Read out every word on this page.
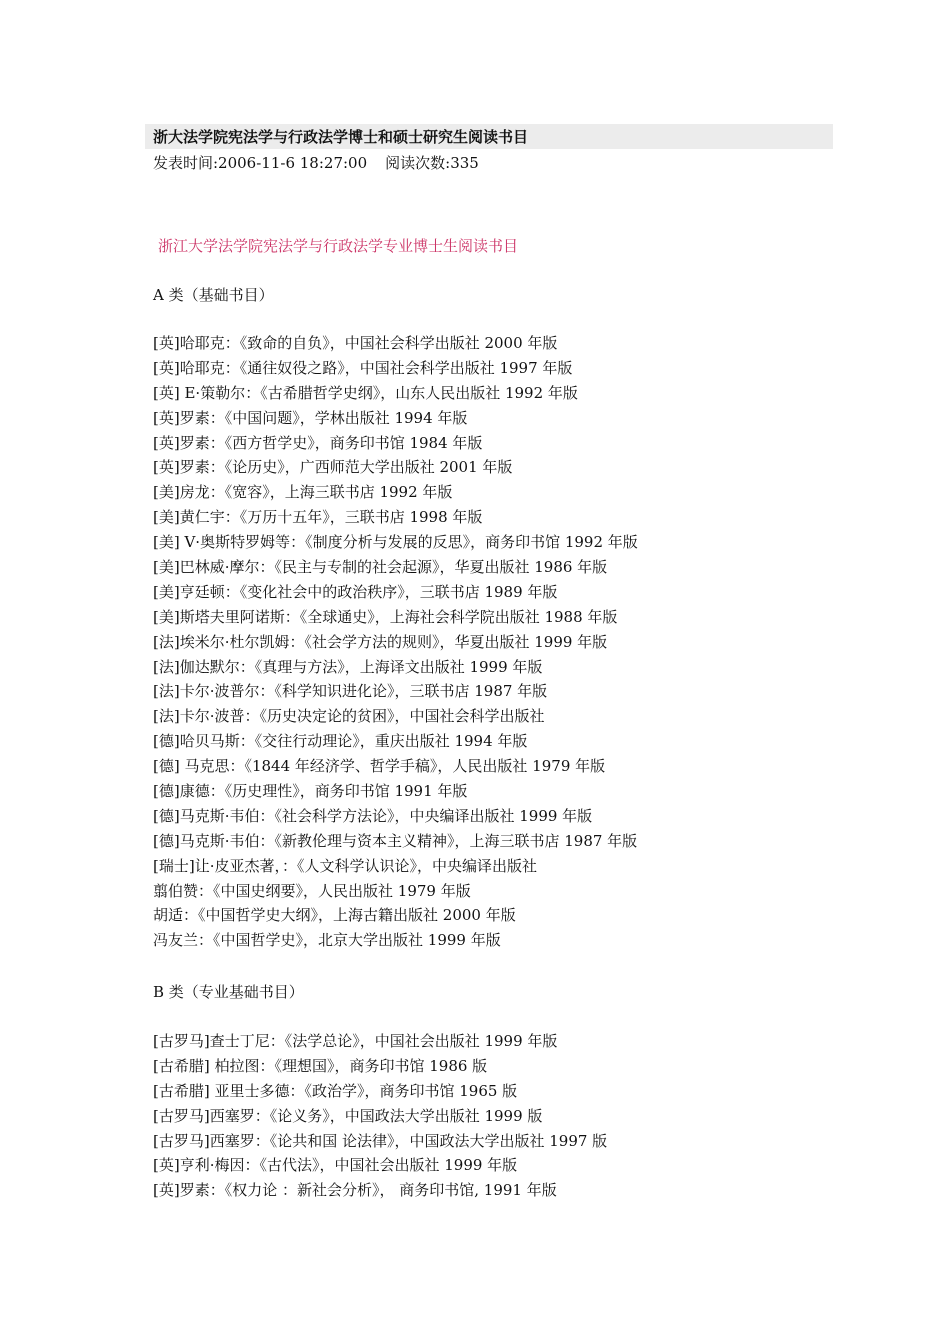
浙大法学院宪法学与行政法学博士和硕士研究生阅读书目
发表时间:2006-11-6 18:27:00 阅读次数:335
浙江大学法学院宪法学与行政法学专业博士生阅读书目
A 类（基础书目）
[英]哈耶克：《致命的自负》，中国社会科学出版社 2000 年版
[英]哈耶克：《通往奴役之路》，中国社会科学出版社 1997 年版
[英] E·策勒尔：《古希腊哲学史纲》，山东人民出版社 1992 年版
[英]罗素：《中国问题》，学林出版社 1994 年版
[英]罗素：《西方哲学史》，商务印书馆 1984 年版
[英]罗素：《论历史》，广西师范大学出版社 2001 年版
[美]房龙：《宽容》，上海三联书店 1992 年版
[美]黄仁宇：《万历十五年》，三联书店 1998 年版
[美] V·奥斯特罗姆等：《制度分析与发展的反思》，商务印书馆 1992 年版
[美]巴林威·摩尔：《民主与专制的社会起源》，华夏出版社 1986 年版
[美]亨廷顿：《变化社会中的政治秩序》，三联书店 1989 年版
[美]斯塔夫里阿诺斯：《全球通史》，上海社会科学院出版社 1988 年版
[法]埃米尔·杜尔凯姆：《社会学方法的规则》，华夏出版社 1999 年版
[法]伽达默尔：《真理与方法》，上海译文出版社 1999 年版
[法]卡尔·波普尔：《科学知识进化论》，三联书店 1987 年版
[法]卡尔·波普：《历史决定论的贫困》，中国社会科学出版社
[德]哈贝马斯：《交往行动理论》，重庆出版社 1994 年版
[德] 马克思：《1844 年经济学、哲学手稿》，人民出版社 1979 年版
[德]康德：《历史理性》，商务印书馆 1991 年版
[德]马克斯·韦伯：《社会科学方法论》，中央编译出版社 1999 年版
[德]马克斯·韦伯：《新教伦理与资本主义精神》，上海三联书店 1987 年版
[瑞士]让·皮亚杰著，：《人文科学认识论》，中央编译出版社
翦伯赞：《中国史纲要》，人民出版社 1979 年版
胡适：《中国哲学史大纲》，上海古籍出版社 2000 年版
冯友兰：《中国哲学史》，北京大学出版社 1999 年版
B 类（专业基础书目）
[古罗马]查士丁尼：《法学总论》，中国社会出版社 1999 年版
[古希腊] 柏拉图：《理想国》，商务印书馆 1986 版
[古希腊] 亚里士多德：《政治学》，商务印书馆 1965 版
[古罗马]西塞罗：《论义务》，中国政法大学出版社 1999 版
[古罗马]西塞罗：《论共和国 论法律》，中国政法大学出版社 1997 版
[英]亨利·梅因：《古代法》，中国社会出版社 1999 年版
[英]罗素：《权力论 ：新社会分析》， 商务印书馆, 1991 年版
